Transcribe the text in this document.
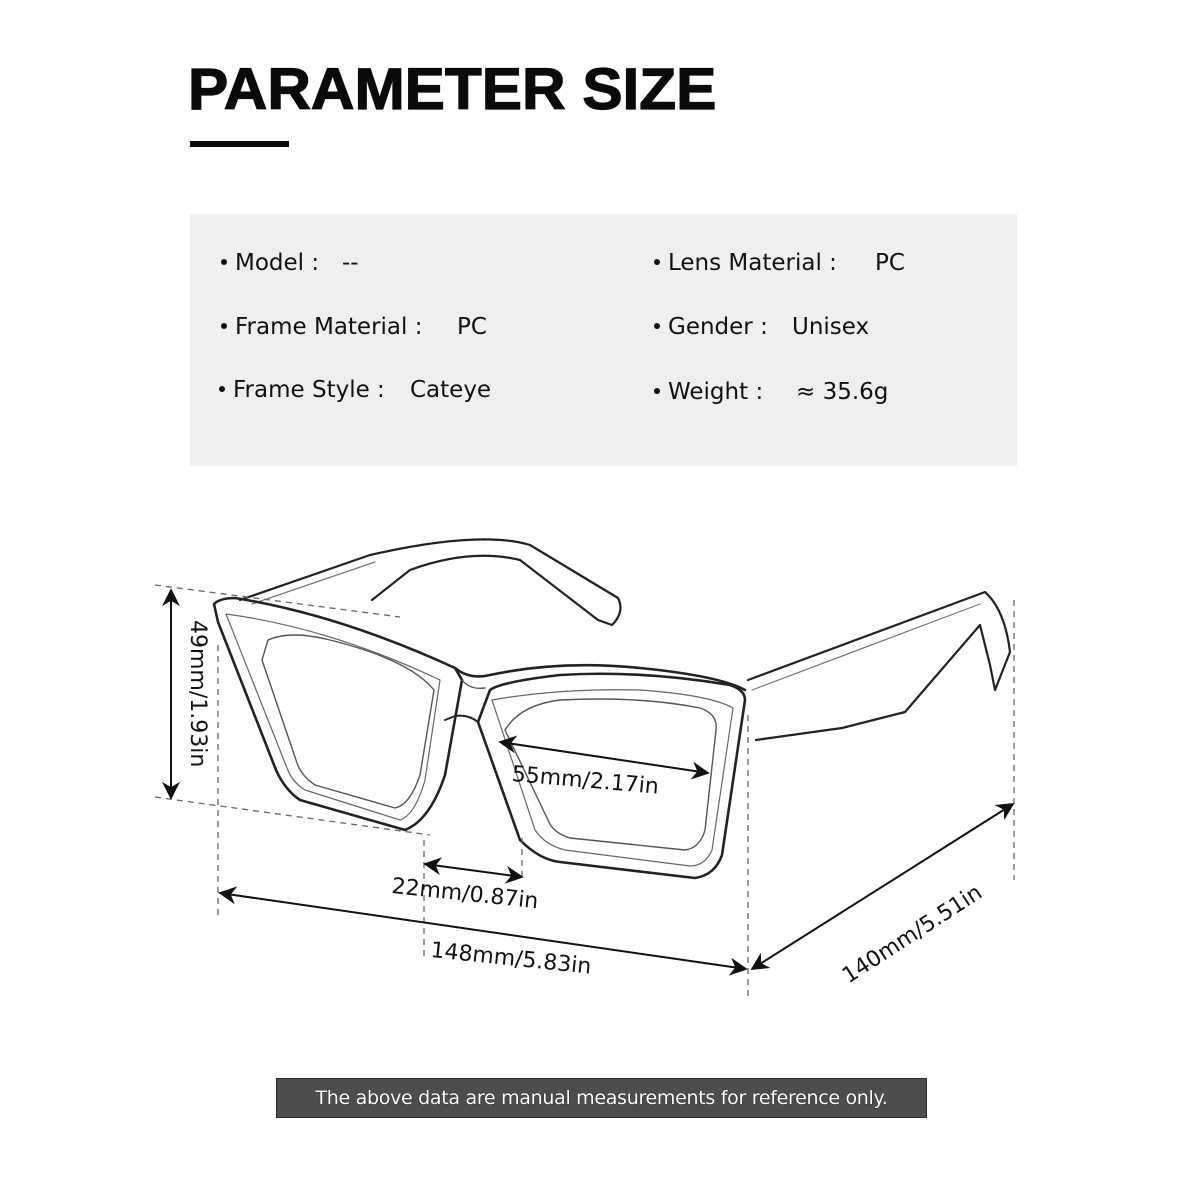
PARAMETER SIZE
Model : --
Frame Material : PC
Frame Style : Cateye
Lens Material : PC
Gender : Unisex
Weight : ≈ 35.6g
49mm/1.93in
55mm/2.17in
22mm/0.87in
148mm/5.83in	140mm/5.51in
The above data are manual measurements for reference only.
